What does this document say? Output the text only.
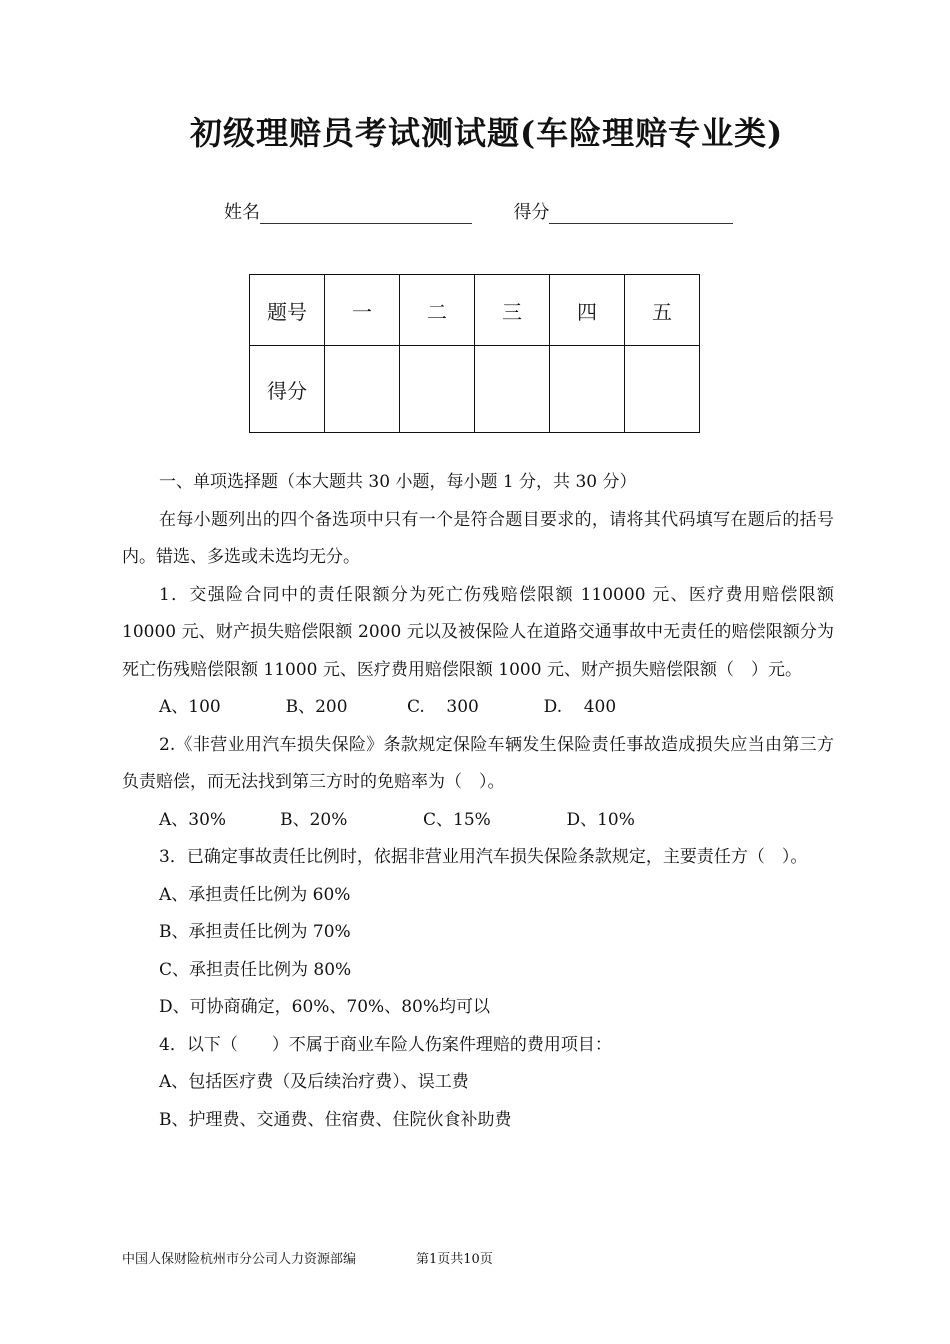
初级理赔员考试测试题(车险理赔专业类)
姓名	得分
题号	一	二	三	四	五
得分					

一、单项选择题（本大题共 30 小题，每小题 1 分，共 30 分）

在每小题列出的四个备选项中只有一个是符合题目要求的，请将其代码填写在题后的括号内。错选、多选或未选均无分。

1．交强险合同中的责任限额分为死亡伤残赔偿限额 110000 元、医疗费用赔偿限额 10000 元、财产损失赔偿限额 2000 元以及被保险人在道路交通事故中无责任的赔偿限额分为死亡伤残赔偿限额 11000 元、医疗费用赔偿限额 1000 元、财产损失赔偿限额（　）元。

A、100            B、200           C.    300            D.    400

2.《非营业用汽车损失保险》条款规定保险车辆发生保险责任事故造成损失应当由第三方负责赔偿，而无法找到第三方时的免赔率为（　）。

A、30%          B、20%              C、15%              D、10%

3．已确定事故责任比例时，依据非营业用汽车损失保险条款规定，主要责任方（　）。

A、承担责任比例为 60%

B、承担责任比例为 70%

C、承担责任比例为 80%

D、可协商确定，60%、70%、80%均可以

4．以下（　　）不属于商业车险人伤案件理赔的费用项目：

A、包括医疗费（及后续治疗费）、误工费

B、护理费、交通费、住宿费、住院伙食补助费

中国人保财险杭州市分公司人力资源部编	第1页共10页
